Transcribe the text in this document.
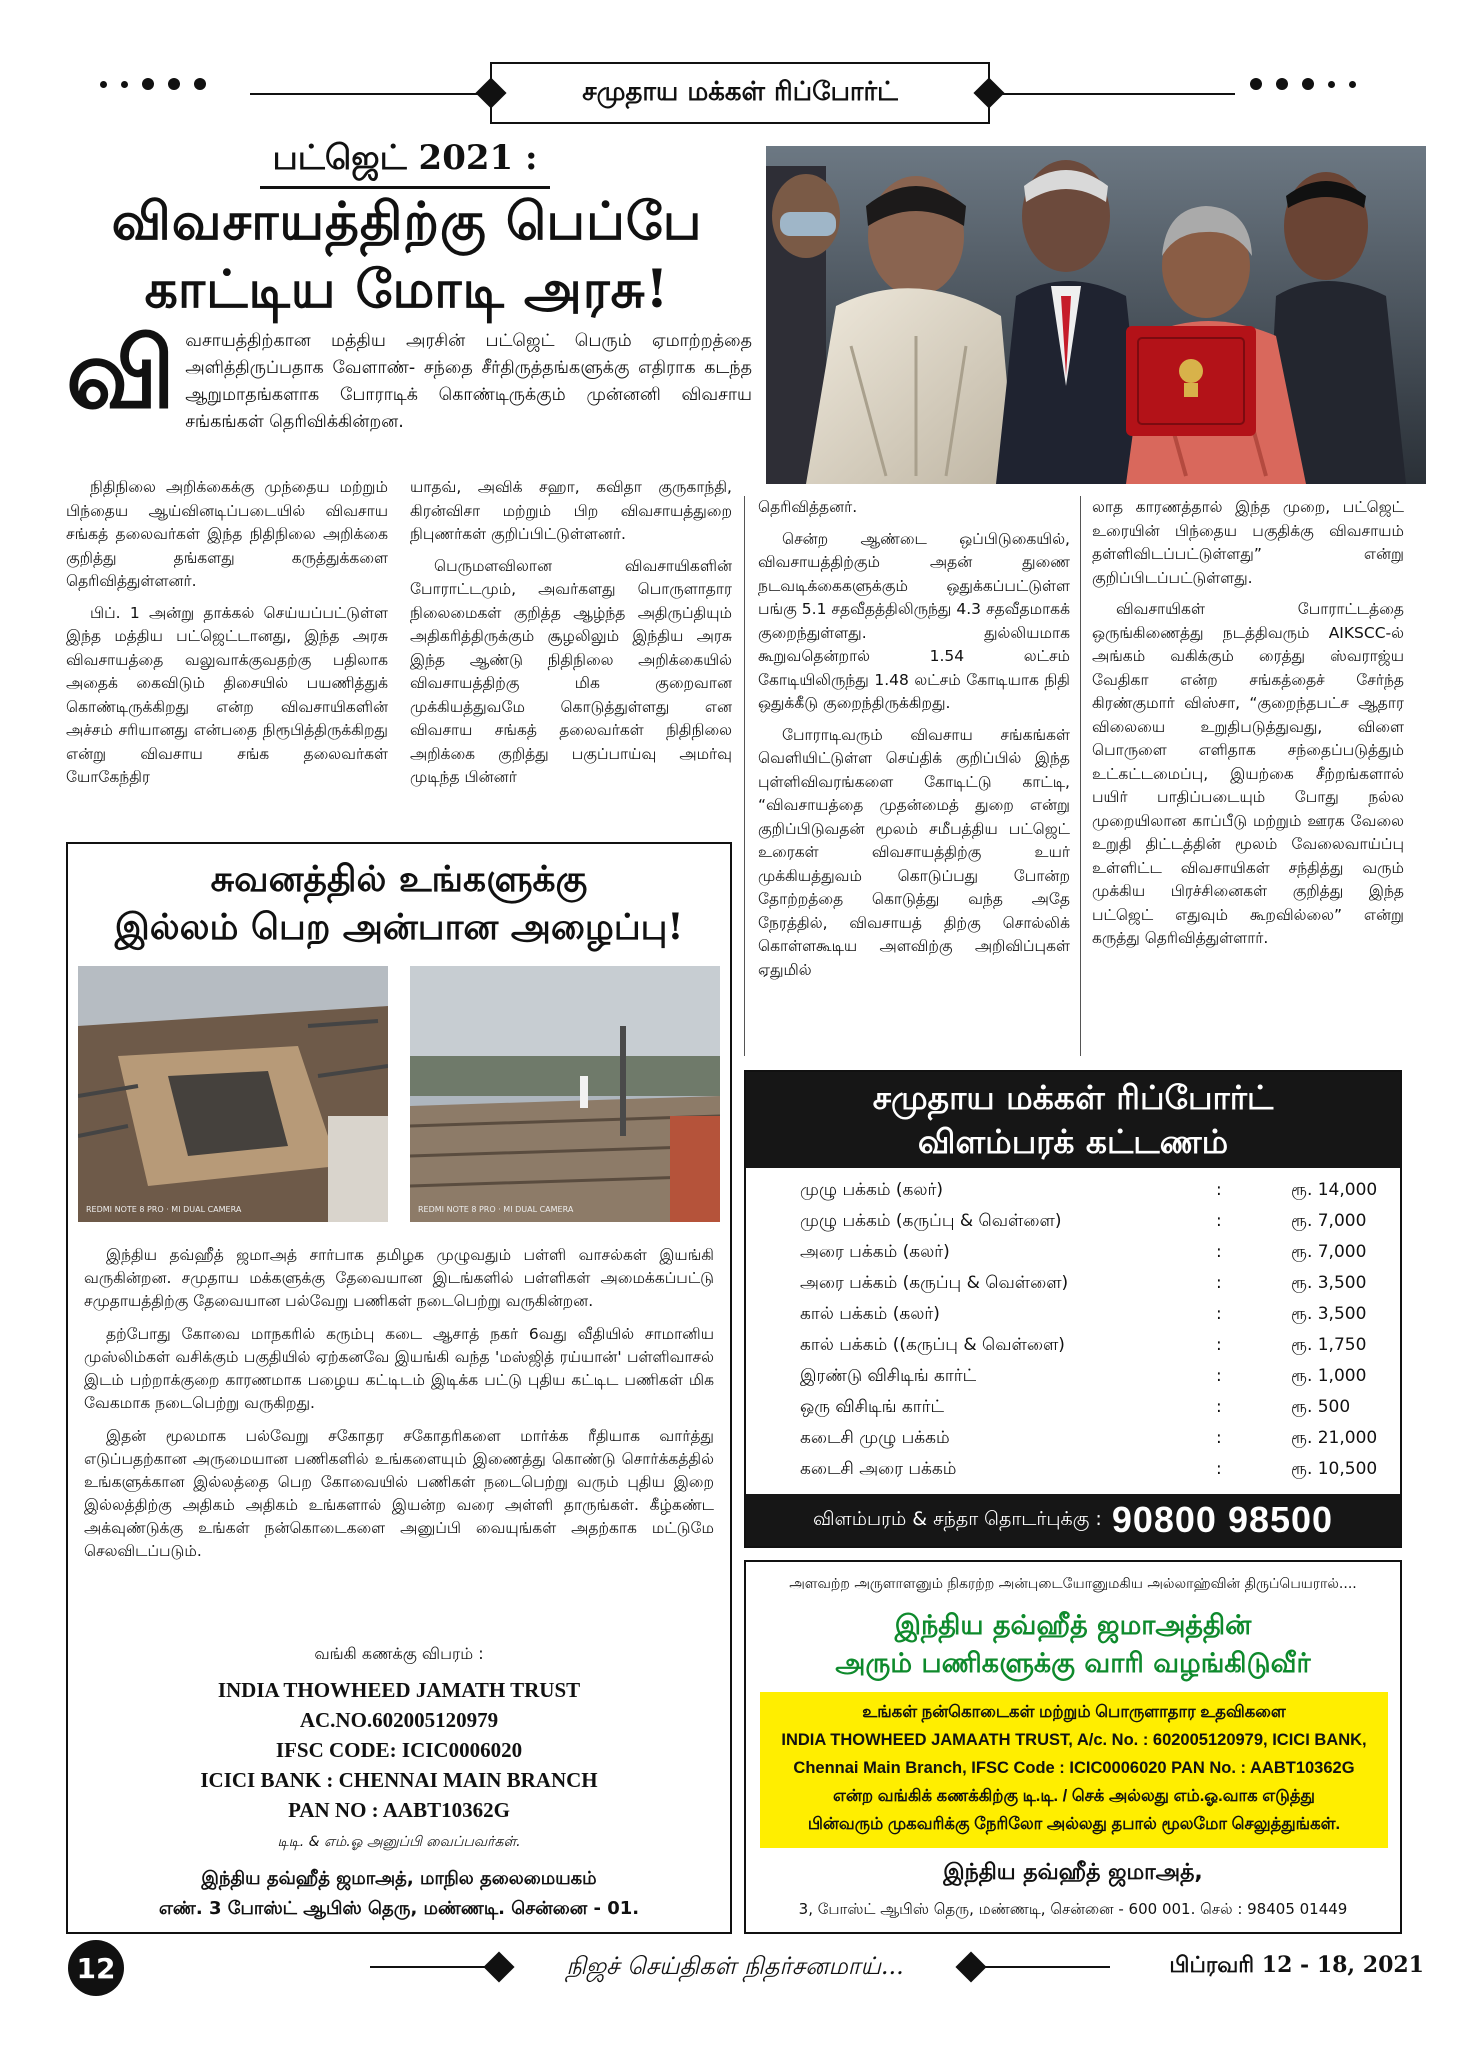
சமுதாய மக்கள் ரிப்போர்ட்
பட்ஜெட் 2021 :
விவசாயத்திற்கு பெப்பே
காட்டிய மோடி அரசு!
வி வசாயத்திற்கான மத்திய அரசின் பட்ஜெட் பெரும் ஏமாற்றத்தை அளித்திருப்பதாக வேளாண்- சந்தை சீர்திருத்தங்களுக்கு எதிராக கடந்த ஆறுமாதங்களாக போராடிக் கொண்டிருக்கும் முன்னனி விவசாய சங்கங்கள் தெரிவிக்கின்றன.

நிதிநிலை அறிக்கைக்கு முந்தைய மற்றும் பிந்தைய ஆய்வினடிப்படையில் விவசாய சங்கத் தலைவர்கள் இந்த நிதிநிலை அறிக்கை குறித்து தங்களது கருத்துக்களை தெரிவித்துள்ளனர்.

பிப். 1 அன்று தாக்கல் செய்யப்பட்டுள்ள இந்த மத்திய பட்ஜெட்டானது, இந்த அரசு விவசாயத்தை வலுவாக்குவதற்கு பதிலாக அதைக் கைவிடும் திசையில் பயணித்துக் கொண்டிருக்கிறது என்ற விவசாயிகளின் அச்சம் சரியானது என்பதை நிரூபித்திருக்கிறது என்று விவசாய சங்க தலைவர்கள் யோகேந்திர

யாதவ், அவிக் சஹா, கவிதா குருகாந்தி, கிரன்விசா மற்றும் பிற விவசாயத்துறை நிபுணர்கள் குறிப்பிட்டுள்ளனர்.

பெருமளவிலான விவசாயிகளின் போராட்டமும், அவர்களது பொருளாதார நிலைமைகள் குறித்த ஆழ்ந்த அதிருப்தியும் அதிகரித்திருக்கும் சூழலிலும் இந்திய அரசு இந்த ஆண்டு நிதிநிலை அறிக்கையில் விவசாயத்திற்கு மிக குறைவான முக்கியத்துவமே கொடுத்துள்ளது என விவசாய சங்கத் தலைவர்கள் நிதிநிலை அறிக்கை குறித்து பகுப்பாய்வு அமர்வு முடிந்த பின்னர்

தெரிவித்தனர்.

சென்ற ஆண்டை ஒப்பிடுகையில், விவசாயத்திற்கும் அதன் துணை நடவடிக்கைகளுக்கும் ஒதுக்கப்பட்டுள்ள பங்கு 5.1 சதவீதத்திலிருந்து 4.3 சதவீதமாகக் குறைந்துள்ளது. துல்லியமாக கூறுவதென்றால் 1.54 லட்சம் கோடியிலிருந்து 1.48 லட்சம் கோடியாக நிதி ஒதுக்கீடு குறைந்திருக்கிறது.

போராடிவரும் விவசாய சங்கங்கள் வெளியிட்டுள்ள செய்திக் குறிப்பில் இந்த புள்ளிவிவரங்களை கோடிட்டு காட்டி, “விவசாயத்தை முதன்மைத் துறை என்று குறிப்பிடுவதன் மூலம் சமீபத்திய பட்ஜெட் உரைகள் விவசாயத்திற்கு உயர் முக்கியத்துவம் கொடுப்பது போன்ற தோற்றத்தை கொடுத்து வந்த அதே நேரத்தில், விவசாயத் திற்கு சொல்லிக் கொள்ளகூடிய அளவிற்கு அறிவிப்புகள் ஏதுமில்

லாத காரணத்தால் இந்த முறை, பட்ஜெட் உரையின் பிந்தைய பகுதிக்கு விவசாயம் தள்ளிவிடப்பட்டுள்ளது” என்று குறிப்பிடப்பட்டுள்ளது.

விவசாயிகள் போராட்டத்தை ஒருங்கிணைத்து நடத்திவரும் AIKSCC-ல் அங்கம் வகிக்கும் ரைத்து ஸ்வராஜ்ய வேதிகா என்ற சங்கத்தைச் சேர்ந்த கிரண்குமார் விஸ்சா, “குறைந்தபட்ச ஆதார விலையை உறுதிபடுத்துவது, விளை பொருளை எளிதாக சந்தைப்படுத்தும் உட்கட்டமைப்பு, இயற்கை சீற்றங்களால் பயிர் பாதிப்படையும் போது நல்ல முறையிலான காப்பீடு மற்றும் ஊரக வேலை உறுதி திட்டத்தின் மூலம் வேலைவாய்ப்பு உள்ளிட்ட விவசாயிகள் சந்தித்து வரும் முக்கிய பிரச்சினைகள் குறித்து இந்த பட்ஜெட் எதுவும் கூறவில்லை” என்று கருத்து தெரிவித்துள்ளார்.

சுவனத்தில் உங்களுக்கு
இல்லம் பெற அன்பான அழைப்பு!
REDMI NOTE 8 PRO · MI DUAL CAMERA	REDMI NOTE 8 PRO · MI DUAL CAMERA

இந்திய தவ்ஹீத் ஜமாஅத் சார்பாக தமிழக முழுவதும் பள்ளி வாசல்கள் இயங்கி வருகின்றன. சமுதாய மக்களுக்கு தேவையான இடங்களில் பள்ளிகள் அமைக்கப்பட்டு சமுதாயத்திற்கு தேவையான பல்வேறு பணிகள் நடைபெற்று வருகின்றன.

தற்போது கோவை மாநகரில் கரும்பு கடை ஆசாத் நகர் 6வது வீதியில் சாமானிய முஸ்லிம்கள் வசிக்கும் பகுதியில் ஏற்கனவே இயங்கி வந்த 'மஸ்ஜித் ரய்யான்' பள்ளிவாசல் இடம் பற்றாக்குறை காரணமாக பழைய கட்டிடம் இடிக்க பட்டு புதிய கட்டிட பணிகள் மிக வேகமாக நடைபெற்று வருகிறது.

இதன் மூலமாக பல்வேறு சகோதர சகோதரிகளை மார்க்க ரீதியாக வார்த்து எடுப்பதற்கான அருமையான பணிகளில் உங்களையும் இணைத்து கொண்டு சொர்க்கத்தில் உங்களுக்கான இல்லத்தை பெற கோவையில் பணிகள் நடைபெற்று வரும் புதிய இறை இல்லத்திற்கு அதிகம் அதிகம் உங்களால் இயன்ற வரை அள்ளி தாருங்கள். கீழ்கண்ட அக்வுண்டுக்கு உங்கள் நன்கொடைகளை அனுப்பி வையுங்கள் அதற்காக மட்டுமே செலவிடப்படும்.

வங்கி கணக்கு விபரம் :
INDIA THOWHEED JAMATH TRUST
AC.NO.602005120979
IFSC CODE: ICIC0006020
ICICI BANK : CHENNAI MAIN BRANCH
PAN NO : AABT10362G
டிடி. & எம்.ஓ அனுப்பி வைப்பவர்கள்.
இந்திய தவ்ஹீத் ஜமாஅத், மாநில தலைமையகம்
எண். 3 போஸ்ட் ஆபிஸ் தெரு, மண்ணடி. சென்னை - 01.
சமுதாய மக்கள் ரிப்போர்ட்
விளம்பரக் கட்டணம்
முழு பக்கம் (கலர்)	:	ரூ. 14,000
முழு பக்கம் (கருப்பு & வெள்ளை)	:	ரூ. 7,000
அரை பக்கம் (கலர்)	:	ரூ. 7,000
அரை பக்கம் (கருப்பு & வெள்ளை)	:	ரூ. 3,500
கால் பக்கம் (கலர்)	:	ரூ. 3,500
கால் பக்கம் ((கருப்பு & வெள்ளை)	:	ரூ. 1,750
இரண்டு விசிடிங் கார்ட்	:	ரூ. 1,000
ஒரு விசிடிங் கார்ட்	:	ரூ. 500
கடைசி முழு பக்கம்	:	ரூ. 21,000
கடைசி அரை பக்கம்	:	ரூ. 10,500
விளம்பரம் & சந்தா தொடர்புக்கு : 90800 98500
அளவற்ற அருளாளனும் நிகரற்ற அன்புடையோனுமகிய அல்லாஹ்வின் திருப்பெயரால்....
இந்திய தவ்ஹீத் ஜமாஅத்தின்
அரும் பணிகளுக்கு வாரி வழங்கிடுவீர்
உங்கள் நன்கொடைகள் மற்றும் பொருளாதார உதவிகளை
INDIA THOWHEED JAMAATH TRUST, A/c. No. : 602005120979, ICICI BANK,
Chennai Main Branch, IFSC Code : ICIC0006020 PAN No. : AABT10362G
என்ற வங்கிக் கணக்கிற்கு டி.டி. / செக் அல்லது எம்.ஓ.வாக எடுத்து
பின்வரும் முகவரிக்கு நேரிலோ அல்லது தபால் மூலமோ செலுத்துங்கள்.
இந்திய தவ்ஹீத் ஜமாஅத்,
3, போஸ்ட் ஆபிஸ் தெரு, மண்ணடி, சென்னை - 600 001. செல் : 98405 01449
12	நிஜச் செய்திகள் நிதர்சனமாய்...	பிப்ரவரி 12 - 18, 2021
